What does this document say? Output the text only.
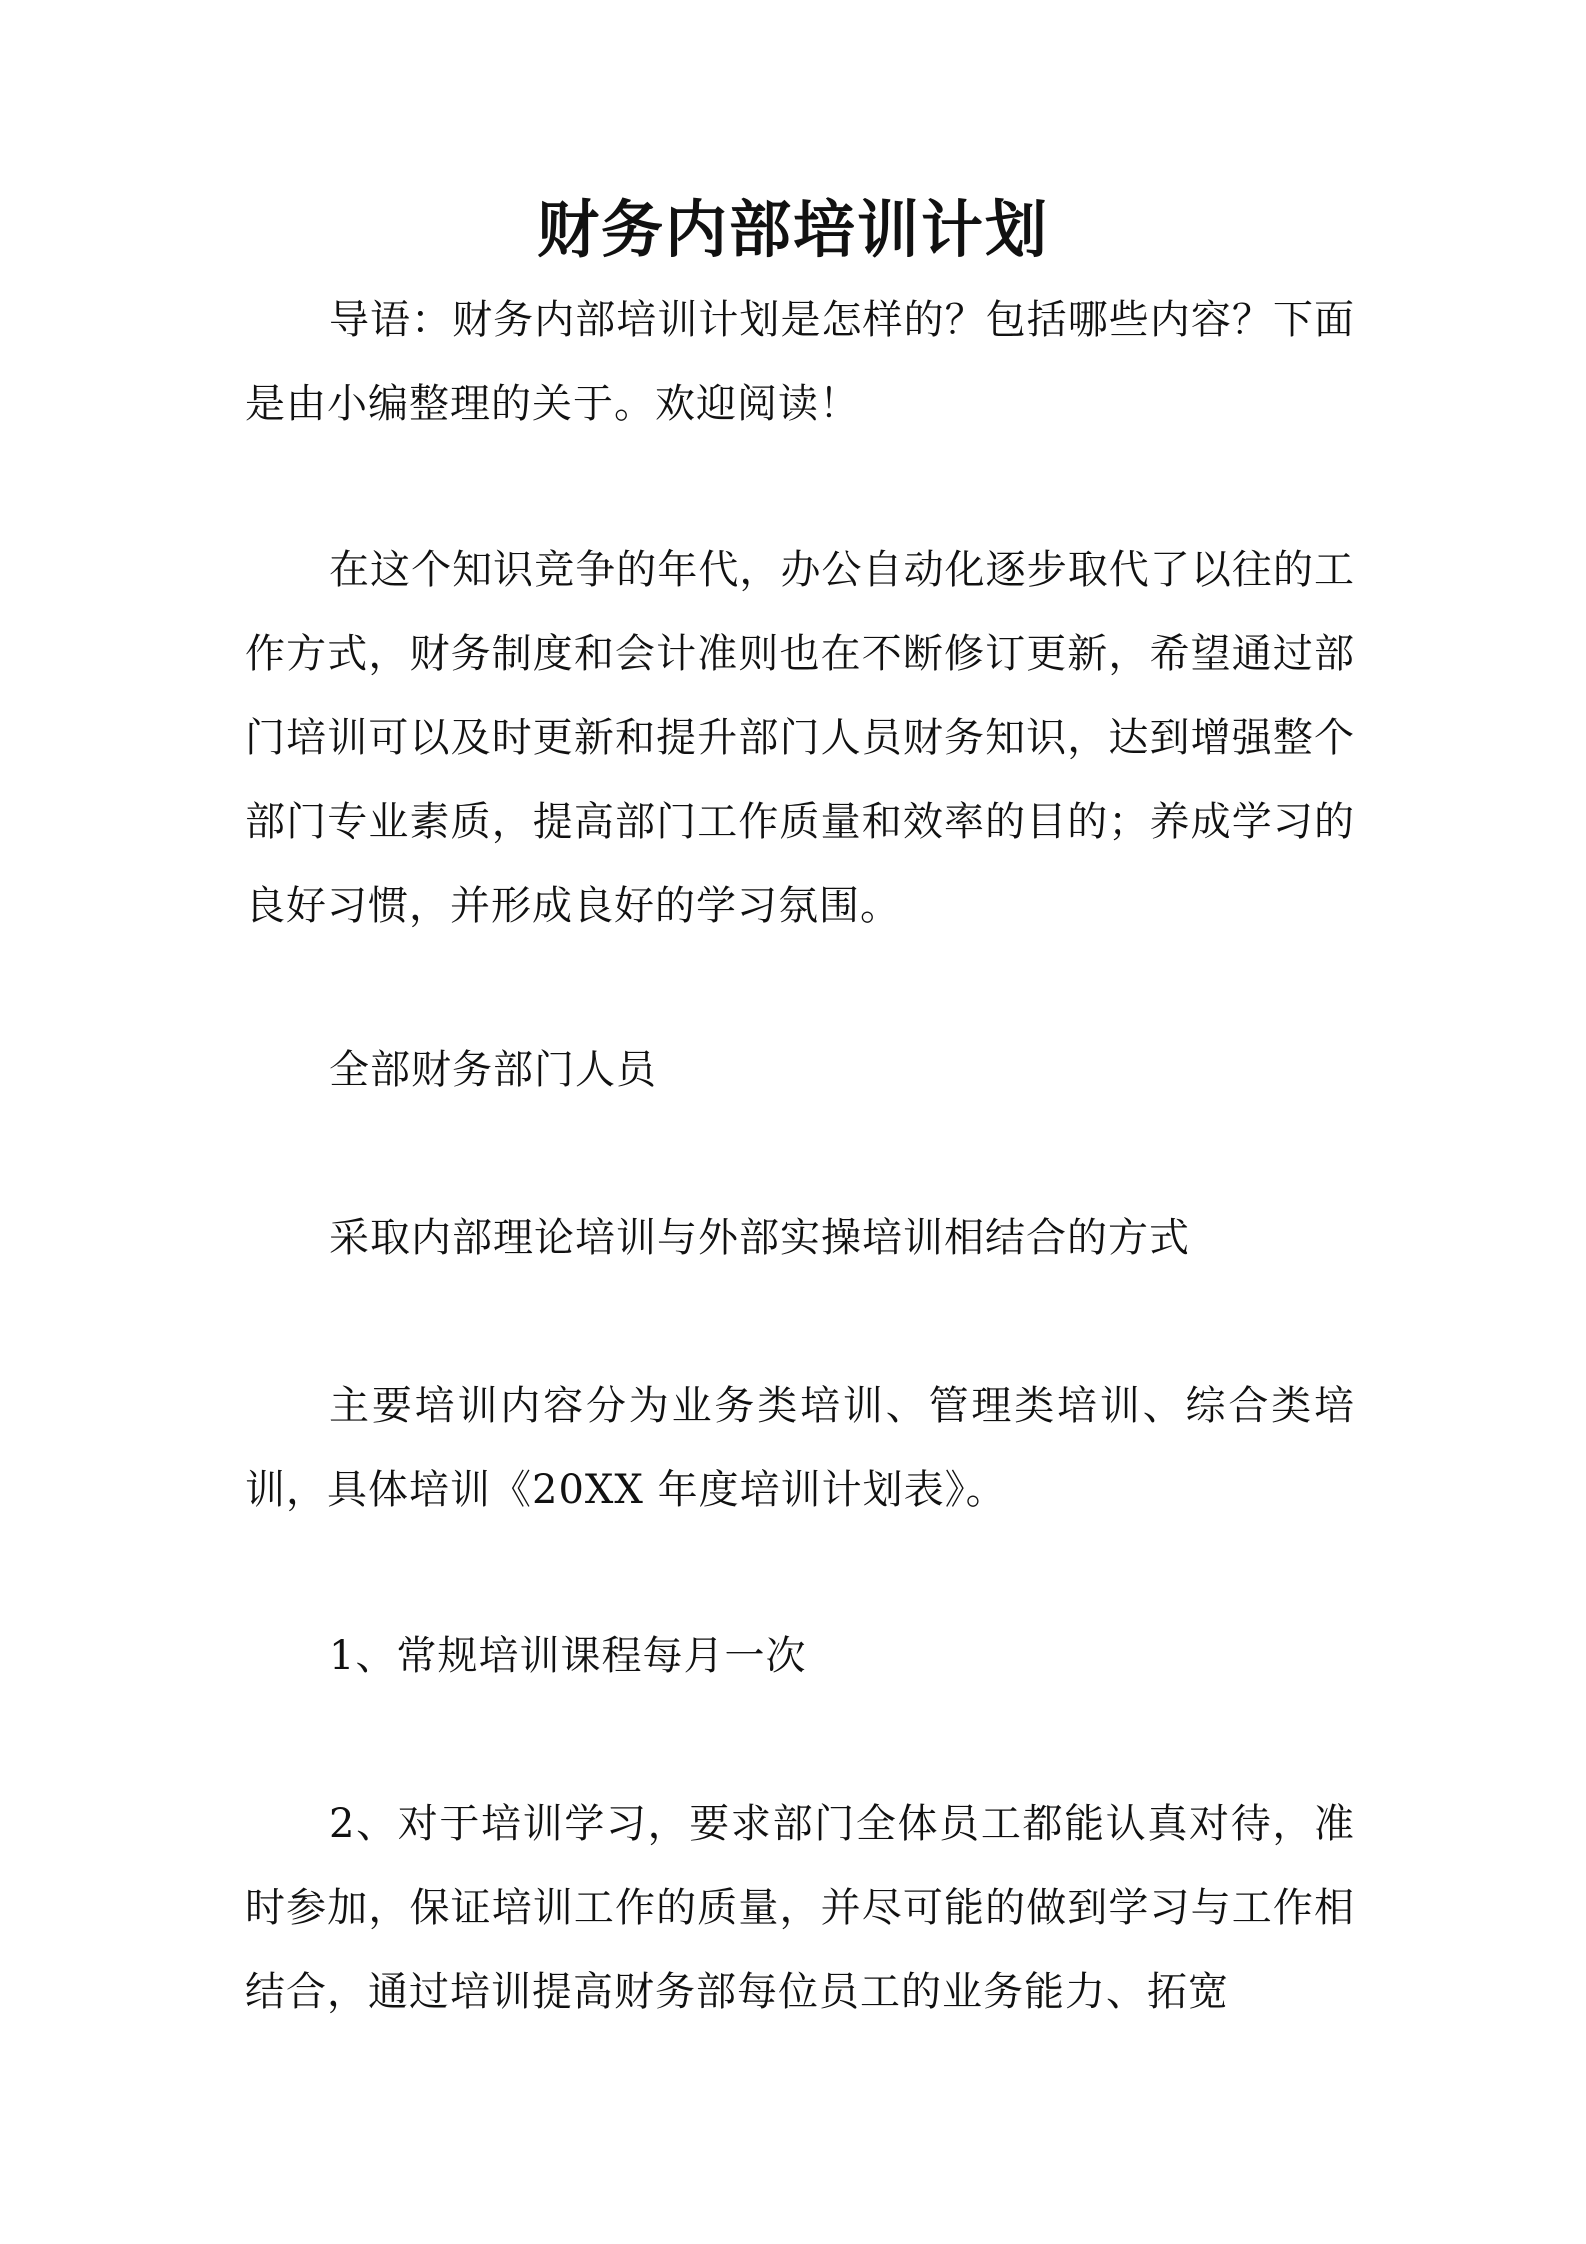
财务内部培训计划

导语：财务内部培训计划是怎样的？包括哪些内容？下面是由小编整理的关于。欢迎阅读！

在这个知识竞争的年代，办公自动化逐步取代了以往的工作方式，财务制度和会计准则也在不断修订更新，希望通过部门培训可以及时更新和提升部门人员财务知识，达到增强整个部门专业素质，提高部门工作质量和效率的目的；养成学习的良好习惯，并形成良好的学习氛围。

全部财务部门人员

采取内部理论培训与外部实操培训相结合的方式

主要培训内容分为业务类培训、管理类培训、综合类培训，具体培训《20XX 年度培训计划表》。

1、常规培训课程每月一次

2、对于培训学习，要求部门全体员工都能认真对待，准时参加，保证培训工作的质量，并尽可能的做到学习与工作相结合，通过培训提高财务部每位员工的业务能力、拓宽
